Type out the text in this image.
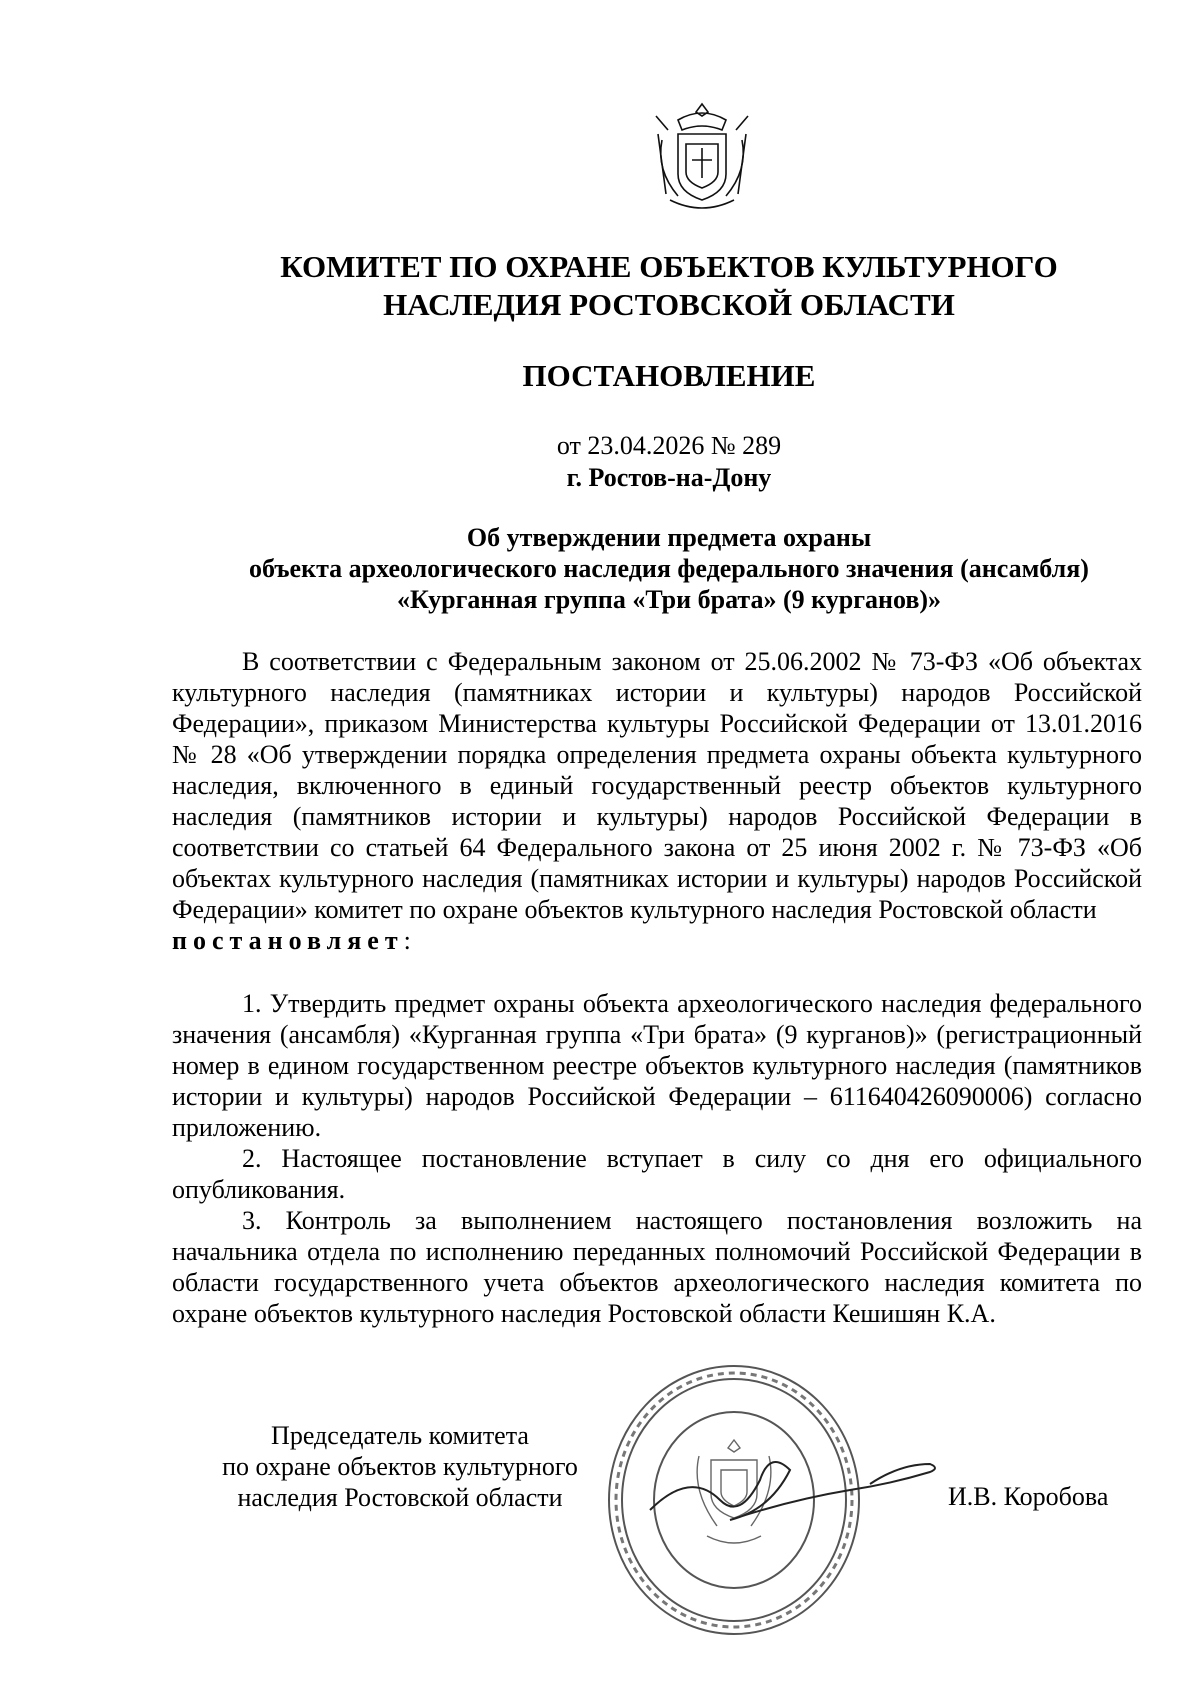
КОМИТЕТ ПО ОХРАНЕ ОБЪЕКТОВ КУЛЬТУРНОГО
НАСЛЕДИЯ РОСТОВСКОЙ ОБЛАСТИ
ПОСТАНОВЛЕНИЕ
от 23.04.2026 № 289
г. Ростов-на-Дону
Об утверждении предмета охраны
объекта археологического наследия федерального значения (ансамбля)
«Курганная группа «Три брата» (9 курганов)»

В соответствии с Федеральным законом от 25.06.2002 № 73-ФЗ «Об объектах культурного наследия (памятниках истории и культуры) народов Российской Федерации», приказом Министерства культуры Российской Федерации от 13.01.2016 № 28 «Об утверждении порядка определения предмета охраны объекта культурного наследия, включенного в единый государственный реестр объектов культурного наследия (памятников истории и культуры) народов Российской Федерации в соответствии со статьей 64 Федерального закона от 25 июня 2002 г. № 73-ФЗ «Об объектах культурного наследия (памятниках истории и культуры) народов Российской Федерации» комитет по охране объектов культурного наследия Ростовской области
постановляет:

1. Утвердить предмет охраны объекта археологического наследия федерального значения (ансамбля) «Курганная группа «Три брата» (9 курганов)» (регистрационный номер в едином государственном реестре объектов культурного наследия (памятников истории и культуры) народов Российской Федерации – 611640426090006) согласно приложению.

2. Настоящее постановление вступает в силу со дня его официального опубликования.

3. Контроль за выполнением настоящего постановления возложить на начальника отдела по исполнению переданных полномочий Российской Федерации в области государственного учета объектов археологического наследия комитета по охране объектов культурного наследия Ростовской области Кешишян К.А.

Председатель комитета
по охране объектов культурного
наследия Ростовской области	И.В. Коробова
